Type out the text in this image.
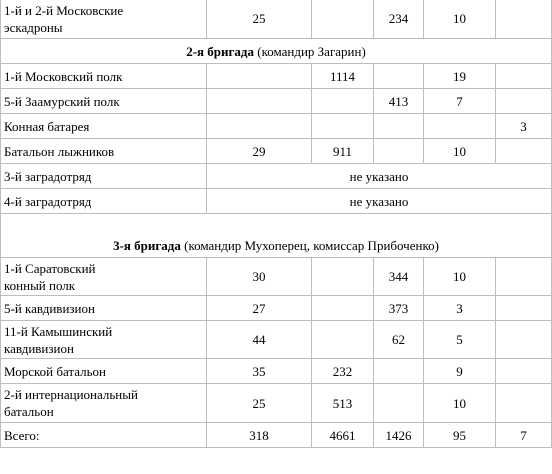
1-й и 2-й Московские
эскадроны	25		234	10	
2-я бригада (командир Загарин)					
1-й Московский полк		1114		19	
5-й Заамурский полк			413	7	
Конная батарея					3
Батальон лыжников	29	911		10	
3-й заградотряд	не указано				
4-й заградотряд	не указано				
3-я бригада (командир Мухоперец, комиссар Прибоченко)					
1-й Саратовский
конный полк	30		344	10	
5-й кавдивизион	27		373	3	
11-й Камышинский
кавдивизион	44		62	5	
Морской батальон	35	232		9	
2-й интернациональный
батальон	25	513		10	
Всего:	318	4661	1426	95	7
